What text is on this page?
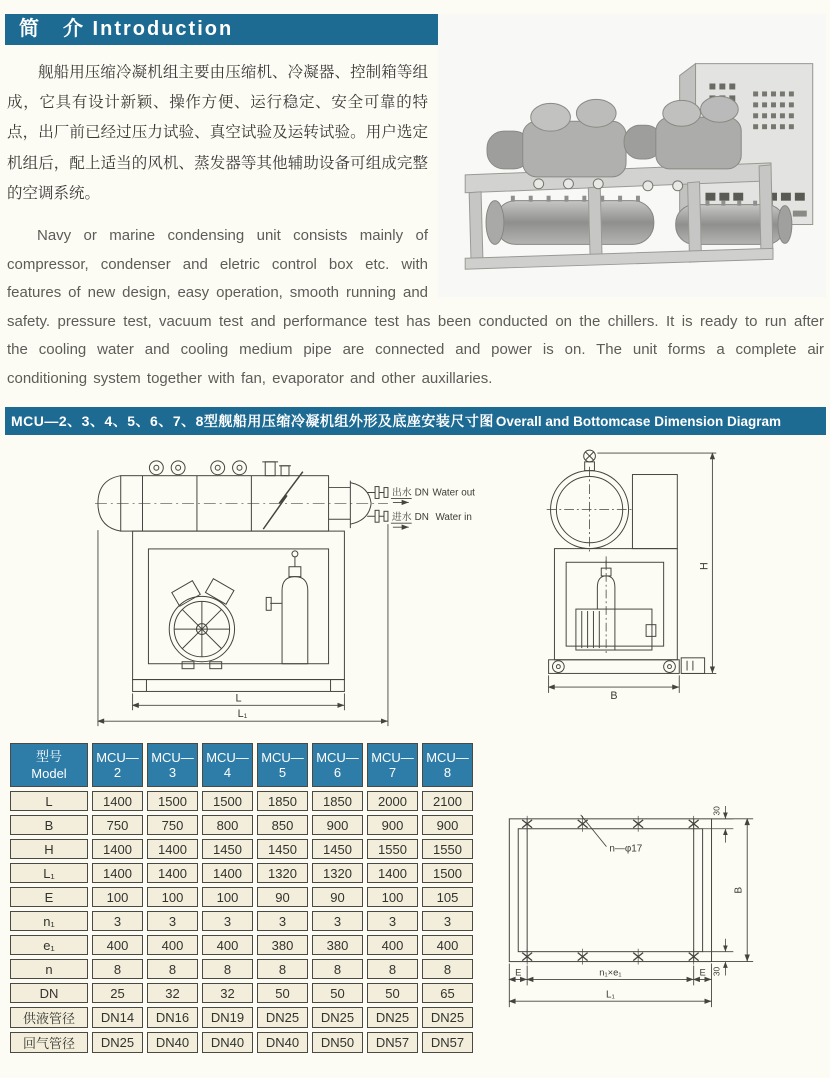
简　介 Introduction

舰船用压缩冷凝机组主要由压缩机、冷凝器、控制箱等组成，它具有设计新颖、操作方便、运行稳定、安全可靠的特点，出厂前已经过压力试验、真空试验及运转试验。用户选定机组后，配上适当的风机、蒸发器等其他辅助设备可组成完整的空调系统。

Navy or marine condensing unit consists mainly of compressor, condenser and eletric control box etc. with features of new design, easy operation, smooth running and safety. pressure test, vacuum test and performance test has been conducted on the chillers. It is ready to run after the cooling water and cooling medium pipe are connected and power is on. The unit forms a complete air conditioning system together with fan, evaporator and other auxillaries.

MCU—2、3、4、5、6、7、8型舰船用压缩冷凝机组外形及底座安装尺寸图 Overall and Bottomcase Dimension Diagram
L
L₁
出水 DN Water out
进水 DN Water in
H
B
型号
Model	MCU—2	MCU—3	MCU—4	MCU—5	MCU—6	MCU—7	MCU—8
L	1400	1500	1500	1850	1850	2000	2100
B	750	750	800	850	900	900	900
H	1400	1400	1450	1450	1450	1550	1550
L₁	1400	1400	1400	1320	1320	1400	1500
E	100	100	100	90	90	100	105
n₁	3	3	3	3	3	3	3
e₁	400	400	400	380	380	400	400
n	8	8	8	8	8	8	8
DN	25	32	32	50	50	50	65
供液管径	DN14	DN16	DN19	DN25	DN25	DN25	DN25
回气管径	DN25	DN40	DN40	DN40	DN50	DN57	DN57
n—φ17
30
B
30
E	n₁×e₁	E
L₁
